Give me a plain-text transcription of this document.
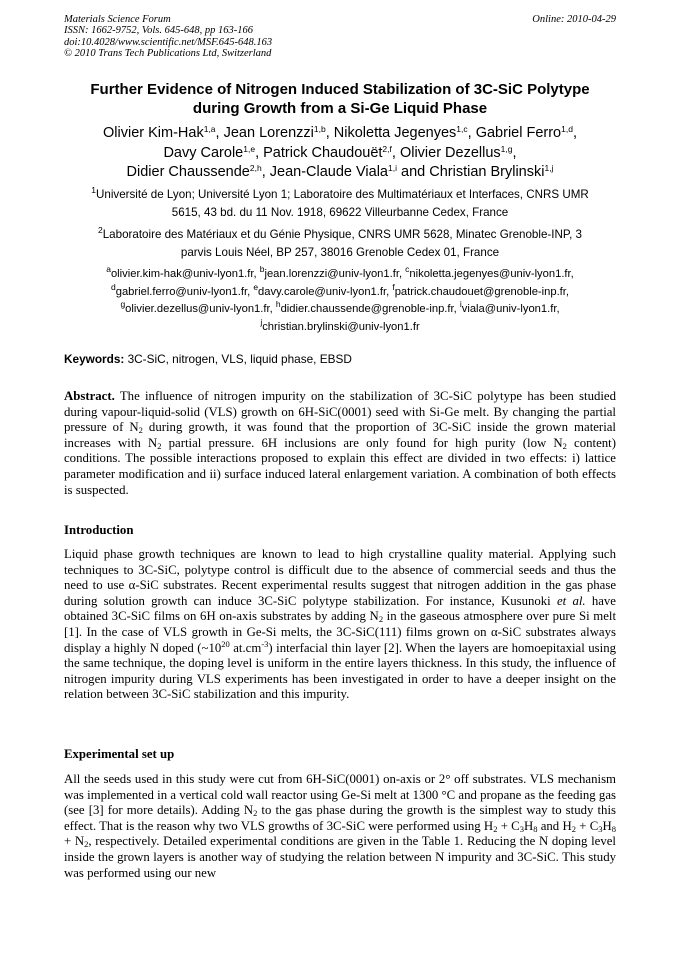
Materials Science Forum
ISSN: 1662-9752, Vols. 645-648, pp 163-166
doi:10.4028/www.scientific.net/MSF.645-648.163
© 2010 Trans Tech Publications Ltd, Switzerland
Online: 2010-04-29
Further Evidence of Nitrogen Induced Stabilization of 3C-SiC Polytype
during Growth from a Si-Ge Liquid Phase
Olivier Kim-Hak$^{1,a}$, Jean Lorenzzi$^{1,b}$, Nikoletta Jegenyes$^{1,c}$, Gabriel Ferro$^{1,d}$,
Davy Carole$^{1,e}$, Patrick Chaudouët$^{2,f}$, Olivier Dezellus$^{1,g}$,
Didier Chaussende$^{2,h}$, Jean-Claude Viala$^{1,i}$ and Christian Brylinski$^{1,j}$
$^1$Université de Lyon; Université Lyon 1; Laboratoire des Multimatériaux et Interfaces, CNRS UMR
5615, 43 bd. du 11 Nov. 1918, 69622 Villeurbanne Cedex, France
$^2$Laboratoire des Matériaux et du Génie Physique, CNRS UMR 5628, Minatec Grenoble-INP, 3
parvis Louis Néel, BP 257, 38016 Grenoble Cedex 01, France
$^a$olivier.kim-hak@univ-lyon1.fr, $^b$jean.lorenzzi@univ-lyon1.fr, $^c$nikoletta.jegenyes@univ-lyon1.fr,
$^d$gabriel.ferro@univ-lyon1.fr, $^e$davy.carole@univ-lyon1.fr, $^f$patrick.chaudouet@grenoble-inp.fr,
$^g$olivier.dezellus@univ-lyon1.fr, $^h$didier.chaussende@grenoble-inp.fr, $^i$viala@univ-lyon1.fr,
$^j$christian.brylinski@univ-lyon1.fr
Keywords: 3C-SiC, nitrogen, VLS, liquid phase, EBSD
Abstract. The influence of nitrogen impurity on the stabilization of 3C-SiC polytype has been studied during vapour-liquid-solid (VLS) growth on 6H-SiC(0001) seed with Si-Ge melt. By changing the partial pressure of $N_2$ during growth, it was found that the proportion of 3C-SiC inside the grown material increases with $N_2$ partial pressure. 6H inclusions are only found for high purity (low $N_2$ content) conditions. The possible interactions proposed to explain this effect are divided in two effects: i) lattice parameter modification and ii) surface induced lateral enlargement variation. A combination of both effects is suspected.
Introduction
Liquid phase growth techniques are known to lead to high crystalline quality material. Applying such techniques to 3C-SiC, polytype control is difficult due to the absence of commercial seeds and thus the need to use α-SiC substrates. Recent experimental results suggest that nitrogen addition in the gas phase during solution growth can induce 3C-SiC polytype stabilization. For instance, Kusunoki et al. have obtained 3C-SiC films on 6H on-axis substrates by adding $N_2$ in the gaseous atmosphere over pure Si melt [1]. In the case of VLS growth in Ge-Si melts, the 3C-SiC(111) films grown on α-SiC substrates always display a highly N doped ($\sim 10^{20}$ $at.cm^{-3}$) interfacial thin layer [2]. When the layers are homoepitaxial using the same technique, the doping level is uniform in the entire layers thickness. In this study, the influence of nitrogen impurity during VLS experiments has been investigated in order to have a deeper insight on the relation between 3C-SiC stabilization and this impurity.
Experimental set up
All the seeds used in this study were cut from 6H-SiC(0001) on-axis or 2° off substrates. VLS mechanism was implemented in a vertical cold wall reactor using Ge-Si melt at 1300 °C and propane as the feeding gas (see [3] for more details). Adding $N_2$ to the gas phase during the growth is the simplest way to study this effect. That is the reason why two VLS growths of 3C-SiC were performed using $H_2 + C_3H_8$ and $H_2 + C_3H_8 + N_2$, respectively. Detailed experimental conditions are given in the Table 1. Reducing the N doping level inside the grown layers is another way of studying the relation between N impurity and 3C-SiC. This study was performed using our new
